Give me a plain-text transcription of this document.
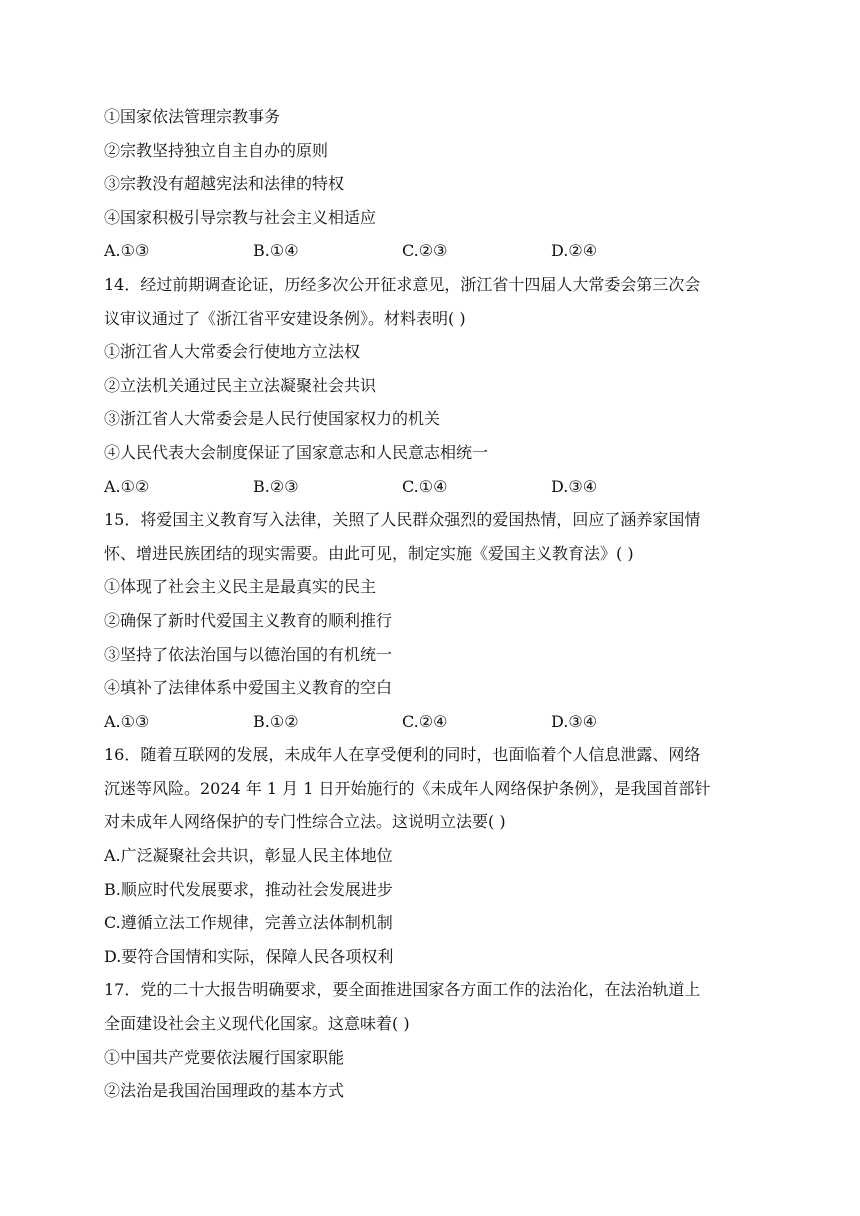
①国家依法管理宗教事务
②宗教坚持独立自主自办的原则
③宗教没有超越宪法和法律的特权
④国家积极引导宗教与社会主义相适应
A.①③	B.①④	C.②③	D.②④
14．经过前期调查论证，历经多次公开征求意见，浙江省十四届人大常委会第三次会
议审议通过了《浙江省平安建设条例》。材料表明( )
①浙江省人大常委会行使地方立法权
②立法机关通过民主立法凝聚社会共识
③浙江省人大常委会是人民行使国家权力的机关
④人民代表大会制度保证了国家意志和人民意志相统一
A.①②	B.②③	C.①④	D.③④
15．将爱国主义教育写入法律，关照了人民群众强烈的爱国热情，回应了涵养家国情
怀、增进民族团结的现实需要。由此可见，制定实施《爱国主义教育法》( )
①体现了社会主义民主是最真实的民主
②确保了新时代爱国主义教育的顺利推行
③坚持了依法治国与以德治国的有机统一
④填补了法律体系中爱国主义教育的空白
A.①③	B.①②	C.②④	D.③④
16．随着互联网的发展，未成年人在享受便利的同时，也面临着个人信息泄露、网络
沉迷等风险。2024 年 1 月 1 日开始施行的《未成年人网络保护条例》，是我国首部针
对未成年人网络保护的专门性综合立法。这说明立法要( )
A.广泛凝聚社会共识，彰显人民主体地位
B.顺应时代发展要求，推动社会发展进步
C.遵循立法工作规律，完善立法体制机制
D.要符合国情和实际，保障人民各项权利
17．党的二十大报告明确要求，要全面推进国家各方面工作的法治化，在法治轨道上
全面建设社会主义现代化国家。这意味着( )
①中国共产党要依法履行国家职能
②法治是我国治国理政的基本方式
